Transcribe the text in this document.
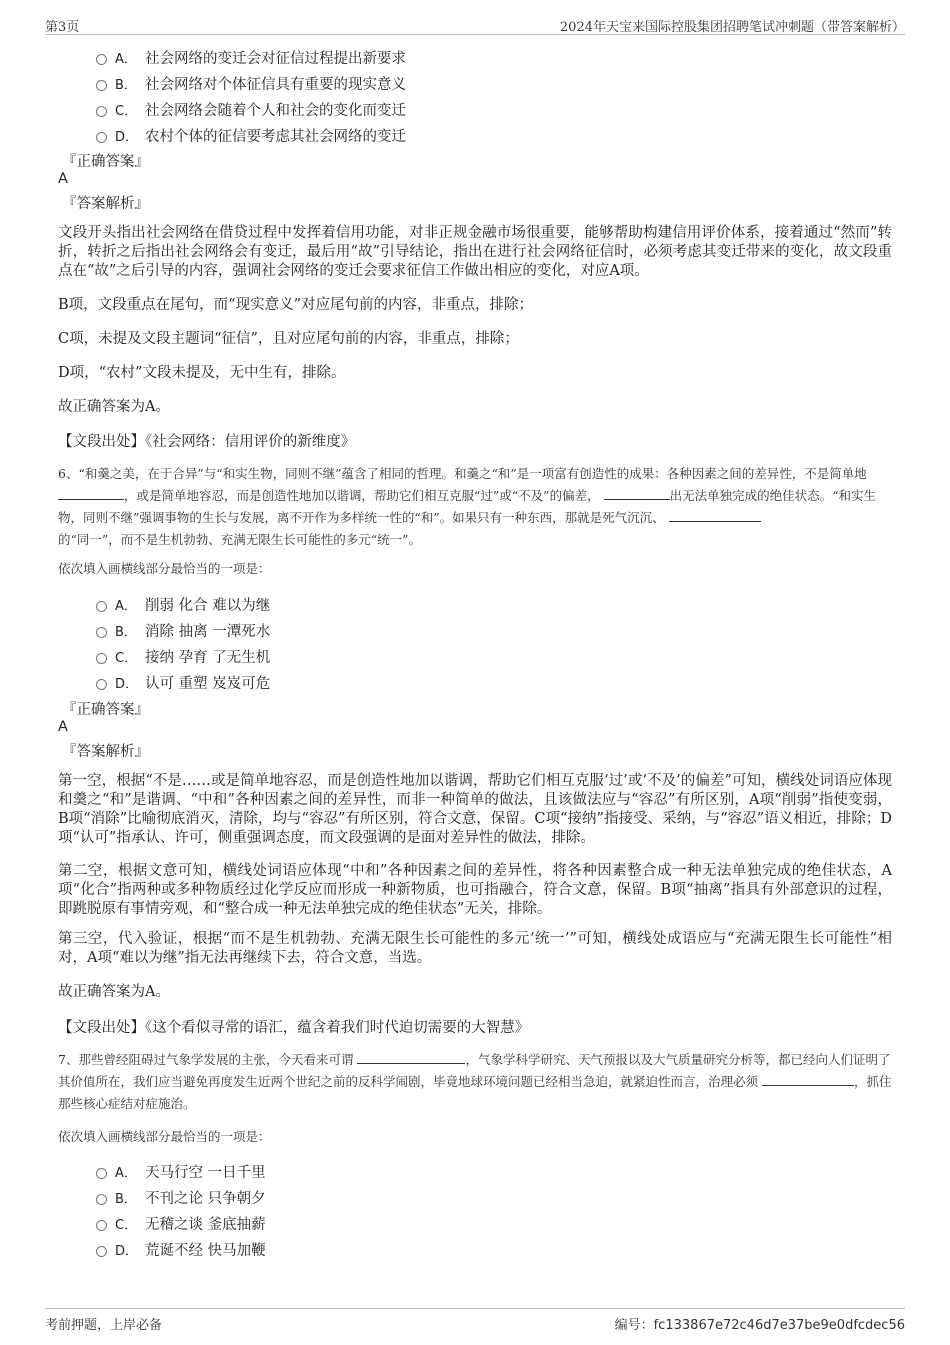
第3页	2024年天宝来国际控股集团招聘笔试冲刺题（带答案解析）
A． 社会网络的变迁会对征信过程提出新要求
B． 社会网络对个体征信具有重要的现实意义
C． 社会网络会随着个人和社会的变化而变迁
D． 农村个体的征信要考虑其社会网络的变迁
『正确答案』
A
『答案解析』
文段开头指出社会网络在借贷过程中发挥着信用功能，对非正规金融市场很重要，能够帮助构建信用评价体系，接着通过“然而”转折，转折之后指出社会网络会有变迁，最后用“故”引导结论，指出在进行社会网络征信时，必须考虑其变迁带来的变化，故文段重点在“故”之后引导的内容，强调社会网络的变迁会要求征信工作做出相应的变化，对应A项。
B项，文段重点在尾句，而“现实意义”对应尾句前的内容，非重点，排除；
C项，未提及文段主题词“征信”，且对应尾句前的内容，非重点，排除；
D项，“农村”文段未提及，无中生有，排除。
故正确答案为A。
【文段出处】《社会网络：信用评价的新维度》
6、“和羹之美，在于合异”与“和实生物，同则不继”蕴含了相同的哲理。和羹之“和”是一项富有创造性的成果：各种因素之间的差异性，不是简单地 ，或是简单地容忍，而是创造性地加以谐调，帮助它们相互克服“过”或“不及”的偏差，	出无法单独完成的绝佳状态。“和实生物，同则不继”强调事物的生长与发展，离不开作为多样统一性的“和”。如果只有一种东西，那就是死气沉沉、
的“同一”，而不是生机勃勃、充满无限生长可能性的多元“统一”。
依次填入画横线部分最恰当的一项是：
A． 削弱 化合 难以为继
B． 消除 抽离 一潭死水
C． 接纳 孕育 了无生机
D． 认可 重塑 岌岌可危
『正确答案』
A
『答案解析』
第一空，根据“不是……或是简单地容忍，而是创造性地加以谐调，帮助它们相互克服‘过’或‘不及’的偏差”可知，横线处词语应体现和羹之“和”是谐调、“中和”各种因素之间的差异性，而非一种简单的做法，且该做法应与“容忍”有所区别，A项“削弱”指使变弱，B项“消除”比喻彻底消灭，清除，均与“容忍”有所区别，符合文意，保留。C项“接纳”指接受、采纳，与“容忍”语义相近，排除；D项“认可”指承认、许可，侧重强调态度，而文段强调的是面对差异性的做法，排除。
第二空，根据文意可知，横线处词语应体现“中和”各种因素之间的差异性，将各种因素整合成一种无法单独完成的绝佳状态，A项“化合”指两种或多种物质经过化学反应而形成一种新物质，也可指融合，符合文意，保留。B项“抽离”指具有外部意识的过程，即跳脱原有事情旁观，和“整合成一种无法单独完成的绝佳状态”无关，排除。
第三空，代入验证，根据“而不是生机勃勃、充满无限生长可能性的多元‘统一’”可知，横线处成语应与“充满无限生长可能性”相对，A项“难以为继”指无法再继续下去，符合文意，当选。
故正确答案为A。
【文段出处】《这个看似寻常的语汇，蕴含着我们时代迫切需要的大智慧》
7、那些曾经阻碍过气象学发展的主张，今天看来可谓	，气象学科学研究、天气预报以及大气质量研究分析等，都已经向人们证明了其价值所在，我们应当避免再度发生近两个世纪之前的反科学闹剧，毕竟地球环境问题已经相当急迫，就紧迫性而言，治理必须	，抓住那些核心症结对症施治。
依次填入画横线部分最恰当的一项是：
A． 天马行空 一日千里
B． 不刊之论 只争朝夕
C． 无稽之谈 釜底抽薪
D． 荒诞不经 快马加鞭
考前押题，上岸必备	编号：fc133867e72c46d7e37be9e0dfcdec56
